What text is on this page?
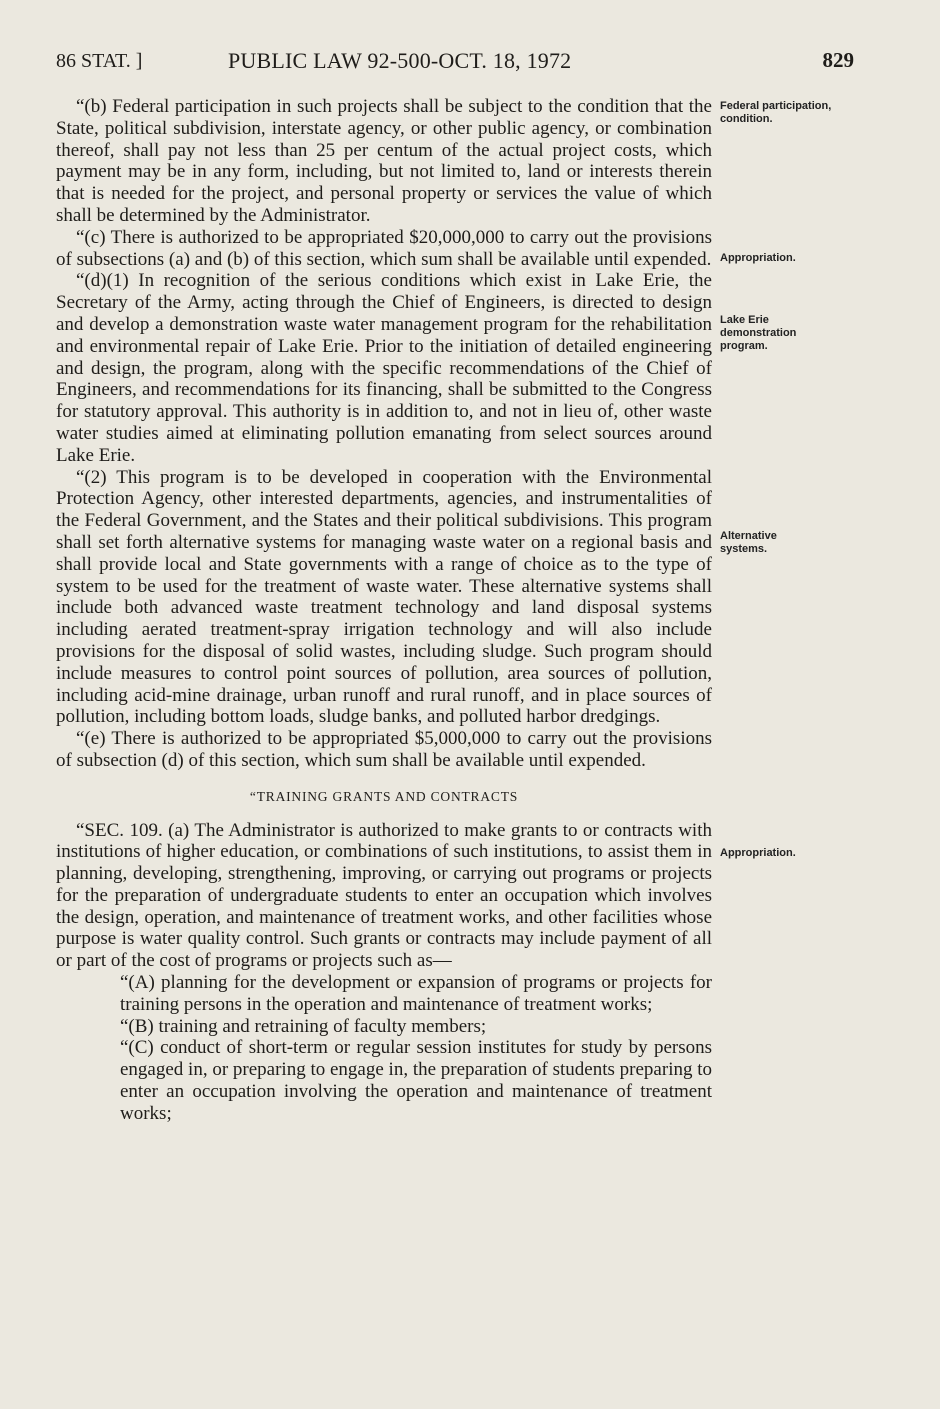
86 STAT. ]	PUBLIC LAW 92-500-OCT. 18, 1972	829

“(b) Federal participation in such projects shall be subject to the condition that the State, political subdivision, interstate agency, or other public agency, or combination thereof, shall pay not less than 25 per centum of the actual project costs, which payment may be in any form, including, but not limited to, land or interests therein that is needed for the project, and personal property or services the value of which shall be determined by the Administrator.

“(c) There is authorized to be appropriated $20,000,000 to carry out the provisions of subsections (a) and (b) of this section, which sum shall be available until expended.

“(d)(1) In recognition of the serious conditions which exist in Lake Erie, the Secretary of the Army, acting through the Chief of Engineers, is directed to design and develop a demonstration waste water management program for the rehabilitation and environmental repair of Lake Erie. Prior to the initiation of detailed engineering and design, the program, along with the specific recommendations of the Chief of Engineers, and recommendations for its financing, shall be submitted to the Congress for statutory approval. This authority is in addition to, and not in lieu of, other waste water studies aimed at eliminating pollution emanating from select sources around Lake Erie.

“(2) This program is to be developed in cooperation with the Environmental Protection Agency, other interested departments, agencies, and instrumentalities of the Federal Government, and the States and their political subdivisions. This program shall set forth alternative systems for managing waste water on a regional basis and shall provide local and State governments with a range of choice as to the type of system to be used for the treatment of waste water. These alternative systems shall include both advanced waste treatment technology and land disposal systems including aerated treatment-spray irrigation technology and will also include provisions for the disposal of solid wastes, including sludge. Such program should include measures to control point sources of pollution, area sources of pollution, including acid-mine drainage, urban runoff and rural runoff, and in place sources of pollution, including bottom loads, sludge banks, and polluted harbor dredgings.

“(e) There is authorized to be appropriated $5,000,000 to carry out the provisions of subsection (d) of this section, which sum shall be available until expended.

“TRAINING GRANTS AND CONTRACTS

“SEC. 109. (a) The Administrator is authorized to make grants to or contracts with institutions of higher education, or combinations of such institutions, to assist them in planning, developing, strengthening, improving, or carrying out programs or projects for the preparation of undergraduate students to enter an occupation which involves the design, operation, and maintenance of treatment works, and other facilities whose purpose is water quality control. Such grants or contracts may include payment of all or part of the cost of programs or projects such as—

“(A) planning for the development or expansion of programs or projects for training persons in the operation and maintenance of treatment works;

“(B) training and retraining of faculty members;

“(C) conduct of short-term or regular session institutes for study by persons engaged in, or preparing to engage in, the preparation of students preparing to enter an occupation involving the operation and maintenance of treatment works;

Federal participation, condition.
Appropriation.
Lake Erie demonstration program.
Alternative systems.
Appropriation.
